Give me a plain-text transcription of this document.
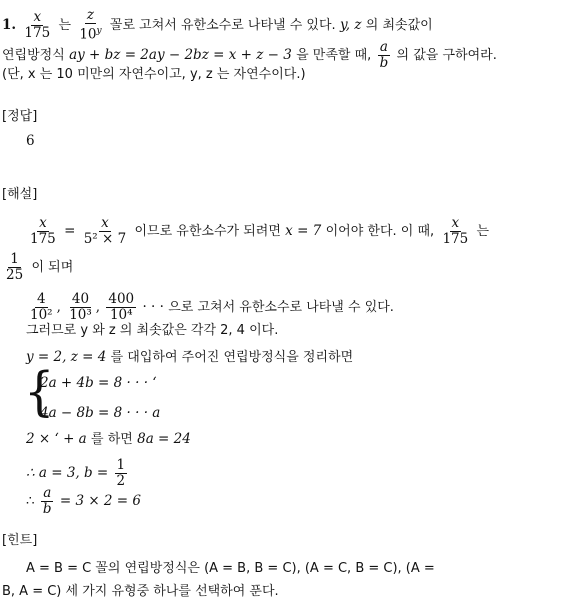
1. $\frac{x}{175}$ 는 $\frac{z}{10^y}$ 꼴로 고쳐서 유한소수로 나타낼 수 있다. y, z 의 최솟값이
연립방정식 ay + bz = 2ay − 2bz = x + z − 3 을 만족할 때, $\frac{a}{b}$ 의 값을 구하여라.
(단, x 는 10 미만의 자연수이고, y, z 는 자연수이다.)
[정답]
6
[해설]
$\frac{x}{175} = \frac{x}{\text{5² × 7}}$ 이므로 유한소수가 되려면 x = 7 이어야 한다. 이 때, $\frac{x}{175}$ 는
$\frac{1}{25}$ 이 되며
$\frac{4}{\text{10²}}$ , $\frac{40}{\text{10³}}$ , $\frac{400}{\text{10⁴}}$ · · · 으로 고쳐서 유한소수로 나타낼 수 있다.
그러므로 y 와 z 의 최솟값은 각각 2, 4 이다.
y = 2, z = 4 를 대입하여 주어진 연립방정식을 정리하면
{
2a + 4b = 8 · · · ‘
4a − 8b = 8 · · · a
2 × ‘ + a 를 하면 8a = 24
∴ a = 3, $b = \frac{1}{2}$
∴ $\frac{a}{b} = 3 \times 2 = 6$
[힌트]
A = B = C 꼴의 연립방정식은 (A = B, B = C), (A = C, B = C), (A =
B, A = C) 세 가지 유형중 하나를 선택하여 푼다.
